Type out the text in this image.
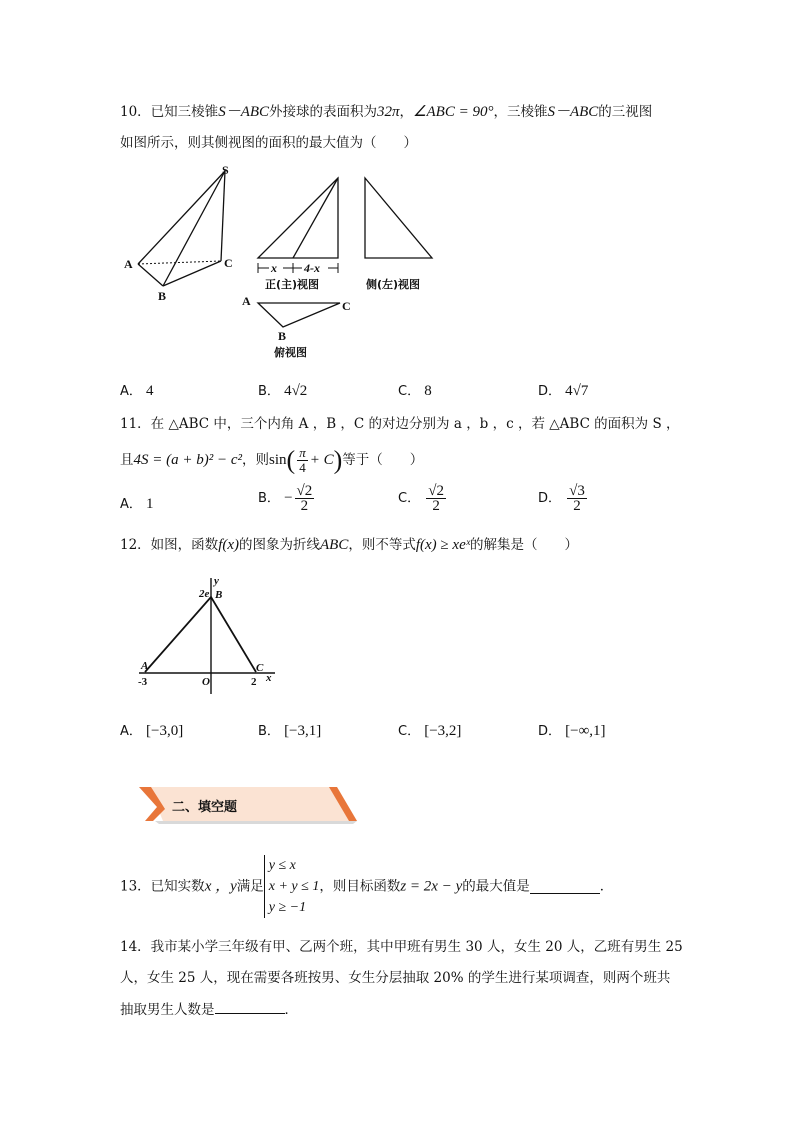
10．已知三棱锥S－ABC外接球的表面积为32π，∠ABC = 90°，三棱锥S－ABC的三视图
如图所示，则其侧视图的面积的最大值为（　　）
S
A
B
C	x 4-x
正(主)视图	侧(左)视图
A	C
B
俯视图
A． 4	B． 4√2	C． 8	D． 4√7
11．在 △ABC 中，三个内角 A ，B ，C 的对边分别为 a ，b ，c ，若 △ABC 的面积为 S ，
且4S = (a + b)² − c²，则$\sin( \frac{\pi}{4} + C)$等于（　　）
A． 1	B． − $\frac{√2}{2}$	C． $\frac{√2}{2}$	D． $\frac{√3}{2}$
12．如图，函数f(x)的图象为折线ABC，则不等式f(x) ≥ xeˣ的解集是（　　）
y
2e B
A	C
-3	O	2 x
A． [−3,0]	B． [−3,1]	C． [−3,2]	D． [−∞,1]
二、填空题
13．已知实数x ，y满足
y ≤ x
x + y ≤ 1
y ≥ −1
，则目标函数z = 2x − y的最大值是	．
14．我市某小学三年级有甲、乙两个班，其中甲班有男生 30 人，女生 20 人，乙班有男生 25
人，女生 25 人，现在需要各班按男、女生分层抽取 20% 的学生进行某项调查，则两个班共
抽取男生人数是	．
